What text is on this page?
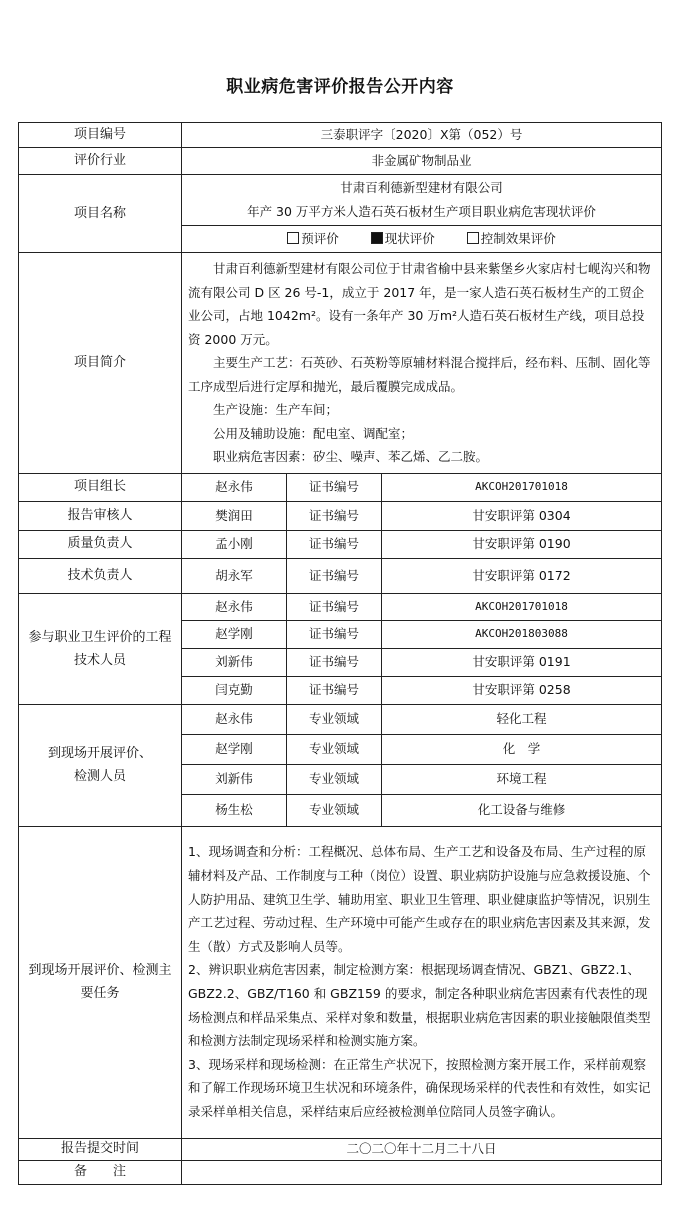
职业病危害评价报告公开内容
项目编号	三泰职评字〔2020〕X第（052）号		
评价行业	非金属矿物制品业		
项目名称	甘肃百利德新型建材有限公司
年产 30 万平方米人造石英石板材生产项目职业病危害现状评价		

	预评价 现状评价 控制效果评价		
项目简介	甘肃百利德新型建材有限公司位于甘肃省榆中县来紫堡乡火家店村七岘沟兴和物流有限公司 D 区 26 号-1，成立于 2017 年，是一家人造石英石板材生产的工贸企业公司，占地 1042m²。设有一条年产 30 万m²人造石英石板材生产线，项目总投资 2000 万元。

主要生产工艺：石英砂、石英粉等原辅材料混合搅拌后，经布料、压制、固化等工序成型后进行定厚和抛光，最后覆膜完成成品。

生产设施：生产车间；

公用及辅助设施：配电室、调配室；

职业病危害因素：矽尘、噪声、苯乙烯、乙二胺。		

项目组长	赵永伟	证书编号	AKCOH201701018
报告审核人	樊润田	证书编号	甘安职评第 0304
质量负责人	孟小刚	证书编号	甘安职评第 0190
技术负责人	胡永军	证书编号	甘安职评第 0172
参与职业卫生评价的工程技术人员	赵永伟	证书编号	AKCOH201701018
	赵学刚	证书编号	AKCOH201803088
	刘新伟	证书编号	甘安职评第 0191
	闫克勤	证书编号	甘安职评第 0258
到现场开展评价、检测人员	赵永伟	专业领域	轻化工程
	赵学刚	专业领域	化　学
	刘新伟	专业领域	环境工程
	杨生松	专业领域	化工设备与维修
到现场开展评价、检测主要任务	1、现场调查和分析：工程概况、总体布局、生产工艺和设备及布局、生产过程的原辅材料及产品、工作制度与工种（岗位）设置、职业病防护设施与应急救援设施、个人防护用品、建筑卫生学、辅助用室、职业卫生管理、职业健康监护等情况，识别生产工艺过程、劳动过程、生产环境中可能产生或存在的职业病危害因素及其来源，发生（散）方式及影响人员等。

2、辨识职业病危害因素，制定检测方案：根据现场调查情况、GBZ1、GBZ2.1、GBZ2.2、GBZ/T160 和 GBZ159 的要求，制定各种职业病危害因素有代表性的现场检测点和样品采集点、采样对象和数量，根据职业病危害因素的职业接触限值类型和检测方法制定现场采样和检测实施方案。

3、现场采样和现场检测：在正常生产状况下，按照检测方案开展工作，采样前观察和了解工作现场环境卫生状况和环境条件，确保现场采样的代表性和有效性，如实记录采样单相关信息，采样结束后应经被检测单位陪同人员签字确认。		

报告提交时间	二〇二〇年十二月二十八日		
备　　注			
